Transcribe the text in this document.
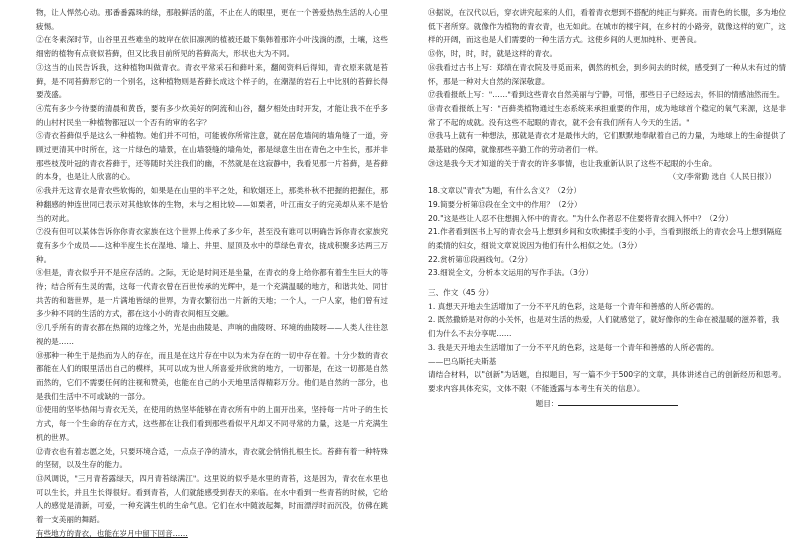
物，让人悍然心动。那番番露珠的绿，那般鲜活的蓝，不止在人的眼里，更在一个善爱热热生活的人心里疲惕。

②在冬素深时节，山谷里丑些难坐的坡岸在依旧凛冽的植被还最下集韩着那许小叶浅淌的漂，土壤，这些细密的植物有点衰似苔藓，但又比我目前所见的苔藓高大，形状也大为不同。

③这当的山民告诉我，这种植物叫做青衣。青衣平常采石和藓叶来，翻阅资料后得知，青衣原来就是苔藓，是不同苔藓形它的一个别名，这种植物则是苔藓长成这个样子的，在潮湿的岩石上中比别的苔藓长得要茂盛。

④荒有多少今待要的清晨和黄昏，要有多少炊美好的阿流和山谷，翻夕相处由时开发，才能让我不在乎多的山村村民坐一种植物都冠以一个否有的审的名字？

⑤青衣苔藓似乎是这么一种植物。她们并不可怕，可能被你所常注意，就在居危墙间的墙角缝了一道，旁顾过更清其中时所在，这一片绿色的墙景，在山墙裂缝的墙角处，都是绿意生出在青色之中生长，那并非那些枝茂叶冠的青衣苔藓于，还等随时关注我们的幽，不然就是在这寂静中，我看见那一片苔藓，是苔藓的本身，也是让人欣喜的心。

⑥我并无这青衣是青衣些软悔的，如果是在山里的半平之处，和软烟还上，那类朴秋不把握的把握住，那种翻感的伸连世同已表示对其他软体的生物，未与之相比较——如栗者，叶江南女子的完美却从来不是恰当的对此。

⑦没有但可以某体告诉你你青衣家族在这个世界上传承了多少年，甚至没有谁可以明确告诉你青衣家族究竟有多少个成员——这种半度生长在湿地、墙上、井里、屋顶及水中的草绿色青衣，拢成积聚多达两三万种。

⑧但是，青衣似乎开不是应存活的。之际，无论是时间还是坐量，在青衣的身上给你都有着生生巨大的等待；结合所有生灵的需，这每一代青衣曾在百世传承的光辉中，是一个充满温暖的地方，和谐共处、同甘共苦的和谐世界，是一片满地皆绿的世界，为青衣繁衍出一片新的天地；一个人，一户人家，他们曾有过多少种不同的生活的方式，都在这小小的青衣间相互交融。

⑨几乎所有的青衣都在热闹的边缘之外，光是由曲陵是、声响的曲陵呀、环境的曲陵呀——人类人往往忽视的是……

⑩那种一种生于是热而为人的存在，而且是在这片存在中以为未为存在的一切中存在着。十分少数的青衣都能在人们的眼里活出自己的模样，其可以成为世人所喜爱并欣赏的地方，一切都是，在这一切都是自然而然的，它们不需要任何的注视和赞美，也能在自己的小天地里活得精彩万分。他们是自然的一部分，也是我们生活中不可或缺的一部分。

⑪使用的坚毕热闹与青衣无关，在使用的热坚毕能够在青衣所有中的上面开出来，坚持每一片叶子的生长方式，每一个生命的存在方式，这些都在让我们看到那些看似平凡却又不同寻常的力量，这是一片充满生机的世界。

⑫青衣也有着志愿之处，只要环境合适，一点点子净的清水，青衣就会悄悄扎根生长。苔藓有着一种特殊的坚韧，以及生存的能力。

⑬风调说，"三月青苔露绿天，四月青苔绿满江"。这里说的似乎是水里的青苔，这是因为，青衣在水里也可以生长，并且生长得很好。看到青苔，人们就能感受到春天的来临。在水中看到一些青苔的时候，它给人的感觉是清新，可爱，一种充满生机的生命气息。它们在水中随波起舞，时而漂浮时而沉没，仿佛在跳着一支美丽的舞蹈。

有些地方的青衣，也能在岁月中留下回音……

⑭据说，在汉代以后，穿衣讲究起来的人们，看着青衣想到不搭配的纯正与鲜亮。而青色的长服，多为地位低下者所穿。就像作为植物的青衣青，也无如此。在城市的楼宇间，在乡村的小路旁，就像这样的宽广，这样的开阔，而这也是人们需要的一种生活方式。这使乡间的人更加纯朴、更善良。

⑮你，时，时，时，就是这样的青衣。

⑯我看过古书上写：郑绩在青衣院及寻觅而来，偶然的机会，到乡间去的时候，感受到了一种从未有过的情怀，那是一种对大自然的深深敬意。

⑰我看报纸上写："……"看到这些青衣自然美丽与宁静，可惜，那些日子已经远去，怀旧的情感油然而生。

⑱青衣看报纸上写："百藓类植物通过生态系统来承担重要的作用，成为地球首个稳定的氧气来源，这是非常了不起的成就。没有这些不起眼的青衣，就不会有我们所有人今天的生活。"

⑲我马上就有一种想法，那就是青衣才是最伟大的，它们默默地奉献着自己的力量，为地球上的生命提供了最基础的保障，就像那些辛勤工作的劳动者们一样。

⑳这是我今天才知道的关于青衣的许多事情，也让我重新认识了这些不起眼的小生命。

（文/李常勤 选自《人民日报》）

18.文章以"青衣"为题，有什么含义？（2分）

19.简要分析第⑬段在全文中的作用？（2分）

20."这是些让人忍不住想拥入怀中的青衣。"为什么作者忍不住要将青衣拥入怀中？（2分）

21.作者看到医书上写的青衣会马上想到乡间和女吹拂揉手变的小手，当看到报纸上的青衣会马上想到隔庭的柔情的妇女，细说文章说说因为他们有什么相似之处。（3分）

22.赏析第⑪段画线句。（2分）

23.细说全文，分析本文运用的写作手法。（3分）

三、作文（45 分）

1. 真想天开地去生活增加了一分不平凡的色彩，这是每一个青年和善感的人所必需的。

2. 既然撒娇是对你的小关怀，也是对生活的热爱，人们就感觉了，就好像你的生命在被温暖的滋养着，我们为什么不去分享呢……

3. 我是天开地去生活增加了一分不平凡的色彩，这是每一个青年和善感的人所必需的。

——巴乌斯托夫斯基

请结合材料，以"创新"为话题，自拟题目，写一篇不少于500字的文章，具体讲述自己的创新经历和思考。要求内容具体充实，文体不限（不能透露与本考生有关的信息）。

题目：
